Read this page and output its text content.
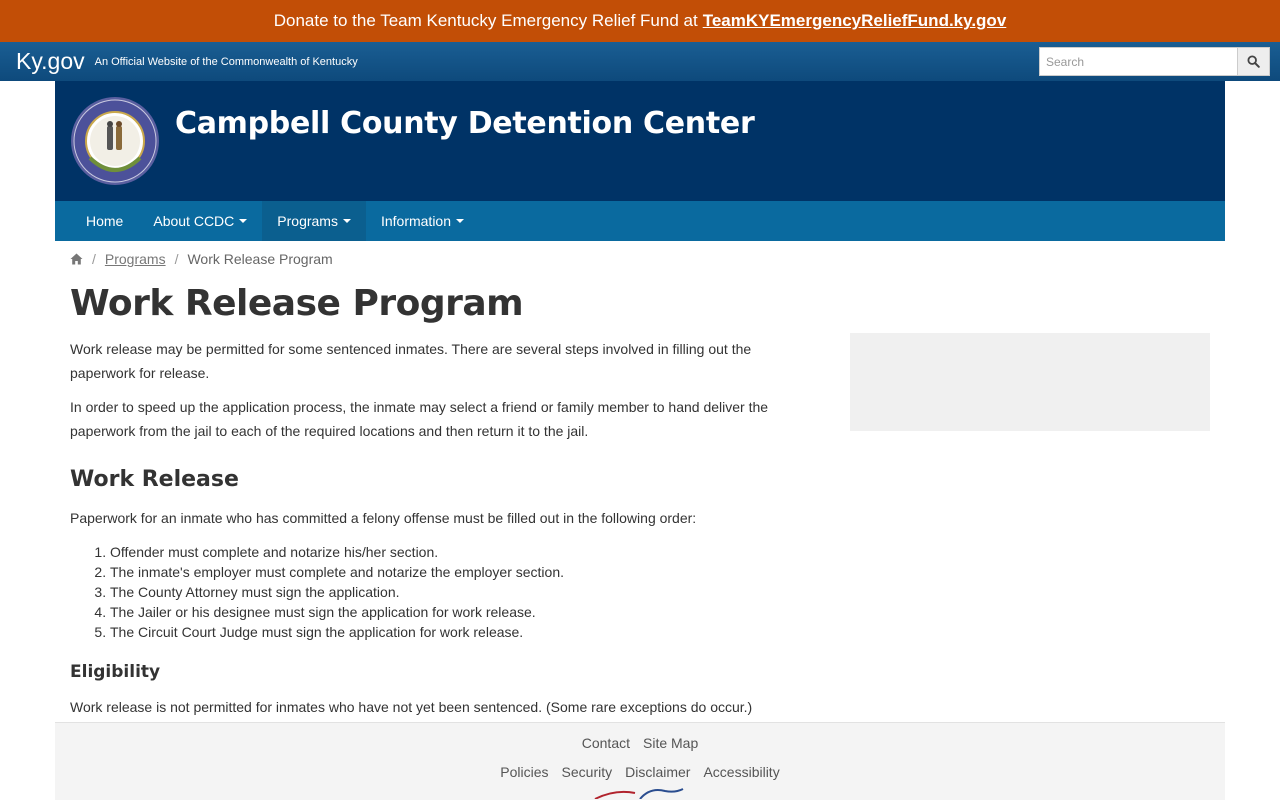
Donate to the Team Kentucky Emergency Relief Fund at TeamKYEmergencyReliefFund.ky.gov
Ky.gov An Official Website of the Commonwealth of Kentucky
Search
Campbell County Detention Center
Home About CCDC	Programs	Information
/ Programs / Work Release Program
Work Release Program

Work release may be permitted for some sentenced inmates. There are several steps involved in filling out the paperwork for release.

In order to speed up the application process, the inmate may select a friend or family member to hand deliver the paperwork from the jail to each of the required locations and then return it to the jail.

Work Release

Paperwork for an inmate who has committed a felony offense must be filled out in the following order:

1. Offender must complete and notarize his/her section.
2. The inmate's employer must complete and notarize the employer section.
3. The County Attorney must sign the application.
4. The Jailer or his designee must sign the application for work release.
5. The Circuit Court Judge must sign the application for work release.
Eligibility

Work release is not permitted for inmates who have not yet been sentenced. (Some rare exceptions do occur.)

Contact Site Map
Policies Security Disclaimer Accessibility
